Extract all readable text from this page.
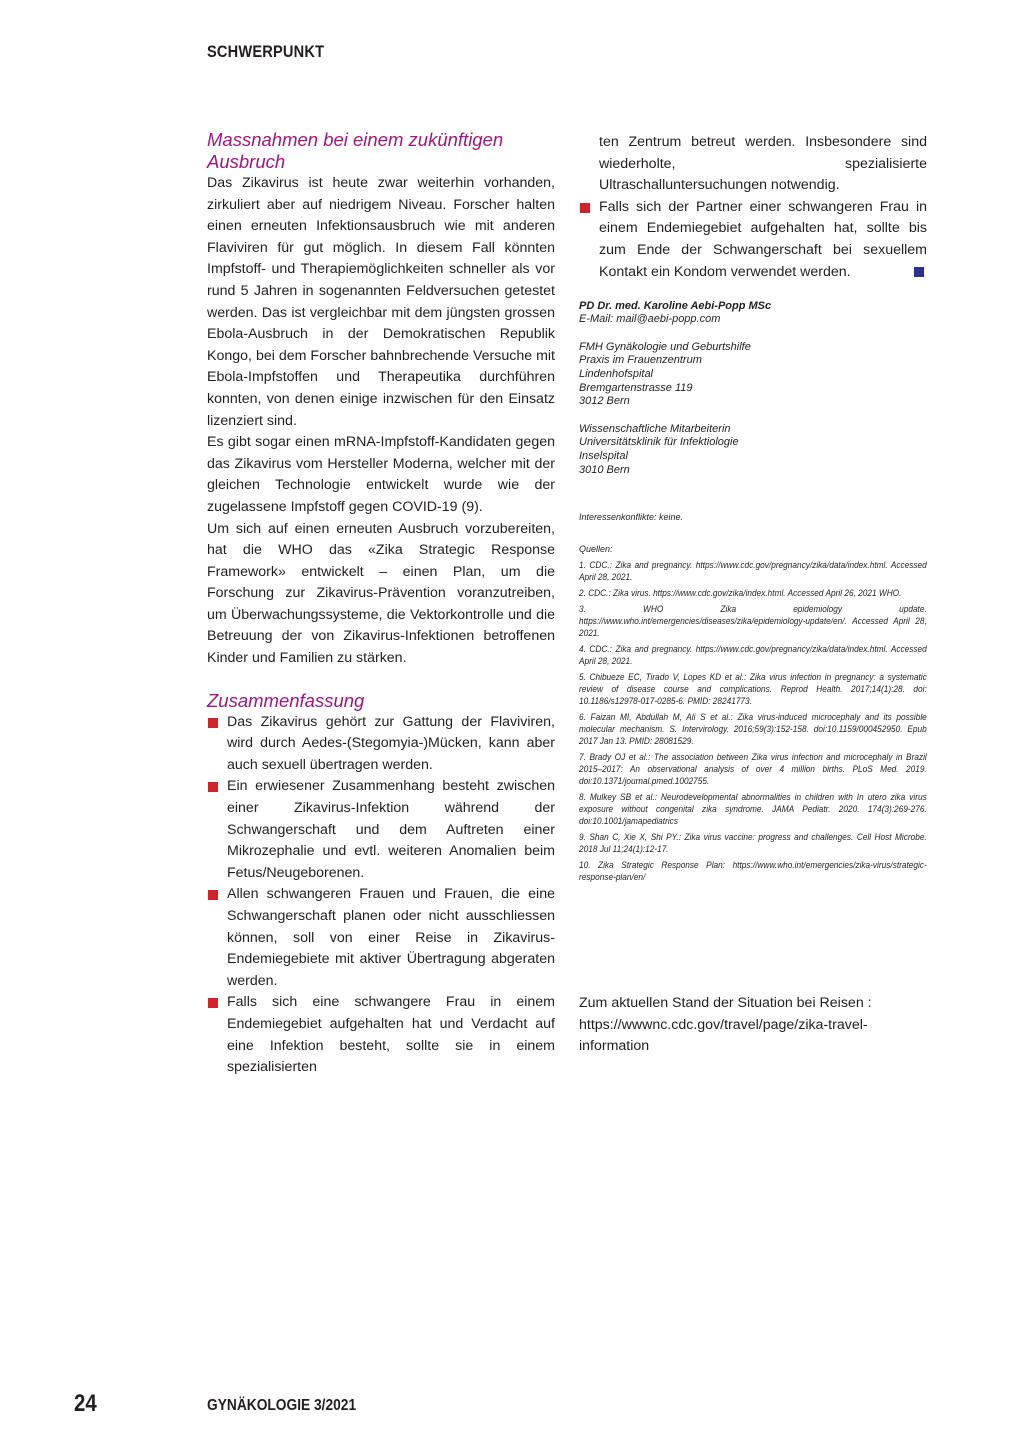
SCHWERPUNKT
Massnahmen bei einem zukünftigen Ausbruch

Das Zikavirus ist heute zwar weiterhin vorhanden, zirkuliert aber auf niedrigem Niveau. Forscher halten einen erneuten Infektionsausbruch wie mit anderen Flaviviren für gut möglich. In diesem Fall könnten Impfstoff- und Therapiemöglichkeiten schneller als vor rund 5 Jahren in sogenannten Feldversuchen getestet werden. Das ist vergleichbar mit dem jüngsten grossen Ebola-Ausbruch in der Demokratischen Republik Kongo, bei dem Forscher bahnbrechende Versuche mit Ebola-Impfstoffen und Therapeutika durchführen konnten, von denen einige inzwischen für den Einsatz lizenziert sind.

Es gibt sogar einen mRNA-Impfstoff-Kandidaten gegen das Zikavirus vom Hersteller Moderna, welcher mit der gleichen Technologie entwickelt wurde wie der zugelassene Impfstoff gegen COVID-19 (9).

Um sich auf einen erneuten Ausbruch vorzubereiten, hat die WHO das «Zika Strategic Response Framework» entwickelt – einen Plan, um die Forschung zur Zikavirus-Prävention voranzutreiben, um Überwachungssysteme, die Vektorkontrolle und die Betreuung der von Zikavirus-Infektionen betroffenen Kinder und Familien zu stärken.

Zusammenfassung
Das Zikavirus gehört zur Gattung der Flaviviren, wird durch Aedes-(Stegomyia-)Mücken, kann aber auch sexuell übertragen werden.
Ein erwiesener Zusammenhang besteht zwischen einer Zikavirus-Infektion während der Schwangerschaft und dem Auftreten einer Mikrozephalie und evtl. weiteren Anomalien beim Fetus/Neugeborenen.
Allen schwangeren Frauen und Frauen, die eine Schwangerschaft planen oder nicht ausschliessen können, soll von einer Reise in Zikavirus-Endemiegebiete mit aktiver Übertragung abgeraten werden.
Falls sich eine schwangere Frau in einem Endemiegebiet aufgehalten hat und Verdacht auf eine Infektion besteht, sollte sie in einem spezialisierten
ten Zentrum betreut werden. Insbesondere sind wiederholte, spezialisierte Ultraschalluntersuchungen notwendig.
Falls sich der Partner einer schwangeren Frau in einem Endemiegebiet aufgehalten hat, sollte bis zum Ende der Schwangerschaft bei sexuellem Kontakt ein Kondom verwendet werden.
PD Dr. med. Karoline Aebi-Popp MSc
E-Mail: mail@aebi-popp.com
FMH Gynäkologie und Geburtshilfe
Praxis im Frauenzentrum
Lindenhofspital
Bremgartenstrasse 119
3012 Bern
Wissenschaftliche Mitarbeiterin
Universitätsklinik für Infektiologie
Inselspital
3010 Bern
Interessenkonflikte: keine.
Quellen:
1. CDC.: Zika and pregnancy. https://www.cdc.gov/pregnancy/zika/data/index.html. Accessed April 28, 2021.
2. CDC.: Zika virus. https://www.cdc.gov/zika/index.html. Accessed April 26, 2021 WHO.
3. WHO Zika epidemiology update. https://www.who.int/emergencies/diseases/zika/epidemiology-update/en/. Accessed April 28, 2021.
4. CDC.: Zika and pregnancy. https://www.cdc.gov/pregnancy/zika/data/index.html. Accessed April 28, 2021.
5. Chibueze EC, Tirado V, Lopes KD et al.: Zika virus infection in pregnancy: a systematic review of disease course and complications. Reprod Health. 2017;14(1):28. doi: 10.1186/s12978-017-0285-6. PMID: 28241773.
6. Faizan MI, Abdullah M, Ali S et al.: Zika virus-induced microcephaly and its possible molecular mechanism. S. Intervirology. 2016;59(3):152-158. doi:10.1159/000452950. Epub 2017 Jan 13. PMID: 28081529.
7. Brady OJ et al.: The association between Zika virus infection and microcephaly in Brazil 2015–2017: An observational analysis of over 4 million births. PLoS Med. 2019. doi:10.1371/journal.pmed.1002755.
8. Mulkey SB et al.: Neurodevelopmental abnormalities in children with In utero zika virus exposure without congenital zika syndrome. JAMA Pediatr. 2020. 174(3):269-276. doi:10.1001/jamapediatrics
9. Shan C, Xie X, Shi PY.: Zika virus vaccine: progress and challenges. Cell Host Microbe. 2018 Jul 11;24(1):12-17.
10. Zika Strategic Response Plan: https://www.who.int/emergencies/zika-virus/strategic-response-plan/en/
Zum aktuellen Stand der Situation bei Reisen : https://wwwnc.cdc.gov/travel/page/zika-travel-information
24	GYNÄKOLOGIE 3/2021
